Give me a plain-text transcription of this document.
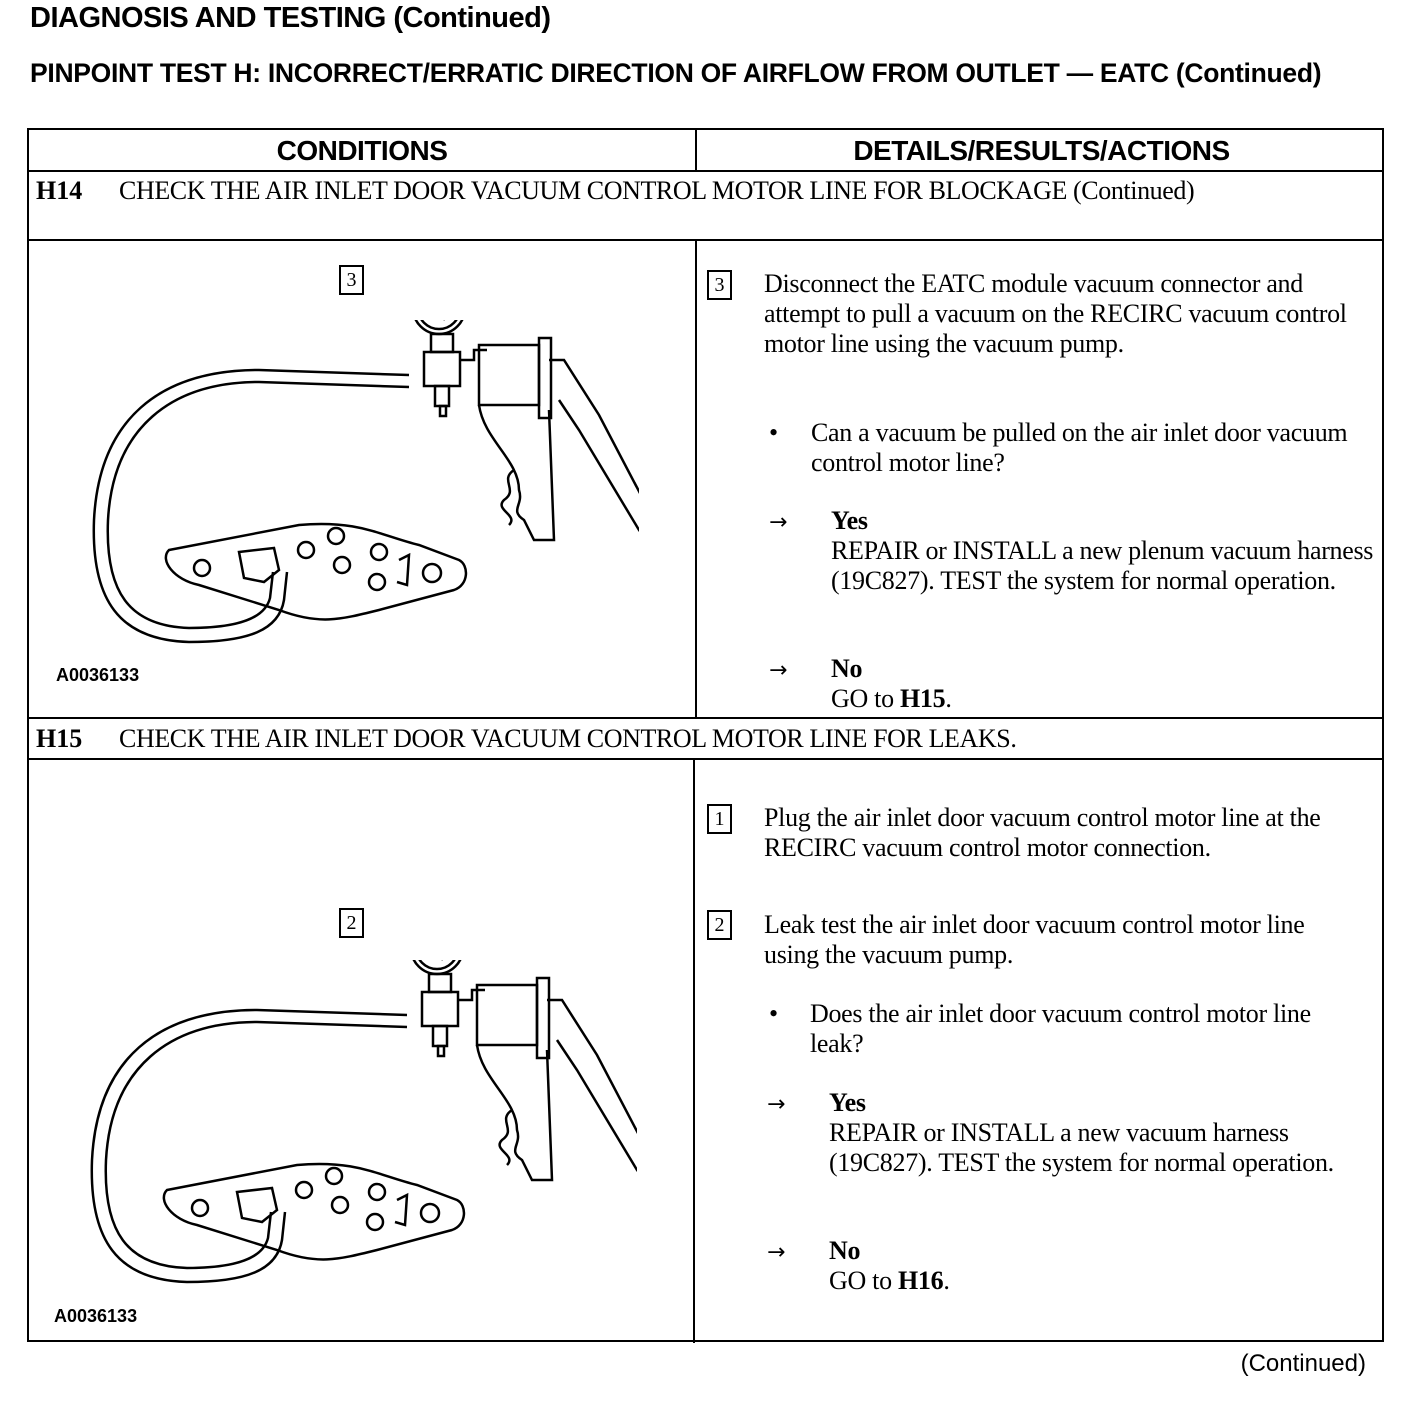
DIAGNOSIS AND TESTING (Continued)
PINPOINT TEST H: INCORRECT/ERRATIC DIRECTION OF AIRFLOW FROM OUTLET — EATC (Continued)
CONDITIONS	DETAILS/RESULTS/ACTIONS
H14 CHECK THE AIR INLET DOOR VACUUM CONTROL MOTOR LINE FOR BLOCKAGE (Continued)
3
A0036133
3 Disconnect the EATC module vacuum connector and attempt to pull a vacuum on the RECIRC vacuum control motor line using the vacuum pump.
• Can a vacuum be pulled on the air inlet door vacuum control motor line?
→ Yes
REPAIR or INSTALL a new plenum vacuum harness (19C827). TEST the system for normal operation.
→ No
GO to H15.
H15 CHECK THE AIR INLET DOOR VACUUM CONTROL MOTOR LINE FOR LEAKS.
2
A0036133
1 Plug the air inlet door vacuum control motor line at the RECIRC vacuum control motor connection.
2 Leak test the air inlet door vacuum control motor line using the vacuum pump.
• Does the air inlet door vacuum control motor line leak?
→ Yes
REPAIR or INSTALL a new vacuum harness (19C827). TEST the system for normal operation.
→ No
GO to H16.
(Continued)
